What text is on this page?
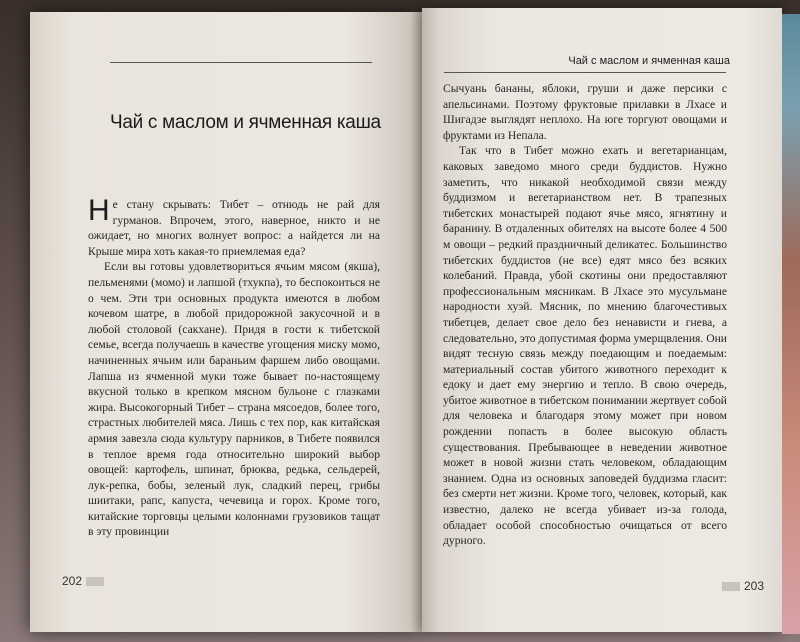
Чай с маслом и ячменная каша
Чай с маслом и ячменная каша

Не стану скрывать: Тибет – отнюдь не рай для гурманов. Впрочем, этого, наверное, никто и не ожидает, но многих волнует вопрос: а найдется ли на Крыше мира хоть какая-то приемлемая еда?

Если вы готовы удовлетвориться ячьим мясом (якша), пельменями (момо) и лапшой (тхукпа), то беспокоиться не о чем. Эти три основных продукта имеются в любом кочевом шатре, в любой придорожной закусочной и в любой столовой (сакхане). Придя в гости к тибетской семье, всегда получаешь в качестве угощения миску момо, начиненных ячьим или бараньим фаршем либо овощами. Лапша из ячменной муки тоже бывает по-настоящему вкусной только в крепком мясном бульоне с глазками жира. Высокогорный Тибет – страна мясоедов, более того, страстных любителей мяса. Лишь с тех пор, как китайская армия завезла сюда культуру парников, в Тибете появился в теплое время года относительно широкий выбор овощей: картофель, шпинат, брюква, редька, сельдерей, лук-репка, бобы, зеленый лук, сладкий перец, грибы шиитаки, рапс, капуста, чечевица и горох. Кроме того, китайские торговцы целыми колоннами грузовиков тащат в эту провинции

Сычуань бананы, яблоки, груши и даже персики с апельсинами. Поэтому фруктовые прилавки в Лхасе и Шигадзе выглядят неплохо. На юге торгуют овощами и фруктами из Непала.

Так что в Тибет можно ехать и вегетарианцам, каковых заведомо много среди буддистов. Нужно заметить, что никакой необходимой связи между буддизмом и вегетарианством нет. В трапезных тибетских монастырей подают ячье мясо, ягнятину и баранину. В отдаленных обителях на высоте более 4 500 м овощи – редкий праздничный деликатес. Большинство тибетских буддистов (не все) едят мясо без всяких колебаний. Правда, убой скотины они предоставляют профессиональным мясникам. В Лхасе это мусульмане народности хуэй. Мясник, по мнению благочестивых тибетцев, делает свое дело без ненависти и гнева, а следовательно, это допустимая форма умерщвления. Они видят тесную связь между поедающим и поедаемым: материальный состав убитого животного переходит к едоку и дает ему энергию и тепло. В свою очередь, убитое животное в тибетском понимании жертвует собой для человека и благодаря этому может при новом рождении попасть в более высокую область существования. Пребывающее в неведении животное может в новой жизни стать человеком, обладающим знанием. Одна из основных заповедей буддизма гласит: без смерти нет жизни. Кроме того, человек, который, как известно, далеко не всегда убивает из-за голода, обладает особой способностью очищаться от всего дурного.

202	203
